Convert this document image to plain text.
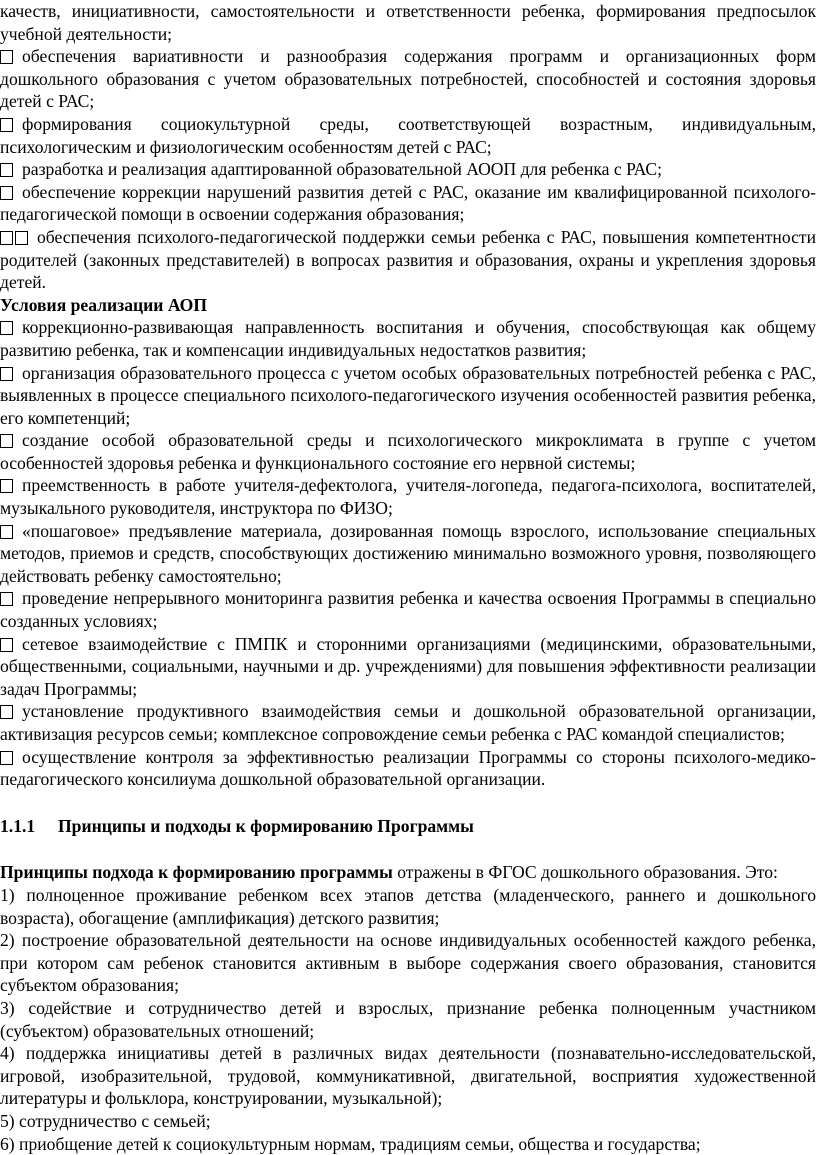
качеств, инициативности, самостоятельности и ответственности ребенка, формирования предпосылок учебной деятельности;

обеспечения вариативности и разнообразия содержания программ и организационных форм дошкольного образования с учетом образовательных потребностей, способностей и состояния здоровья детей с РАС;

формирования социокультурной среды, соответствующей возрастным, индивидуальным, психологическим и физиологическим особенностям детей с РАС;

разработка и реализация адаптированной образовательной АООП для ребенка с РАС;

обеспечение коррекции нарушений развития детей с РАС, оказание им квалифицированной психолого-педагогической помощи в освоении содержания образования;

обеспечения психолого-педагогической поддержки семьи ребенка с РАС, повышения компетентности родителей (законных представителей) в вопросах развития и образования, охраны и укрепления здоровья детей.

Условия реализации АОП

коррекционно-развивающая направленность воспитания и обучения, способствующая как общему развитию ребенка, так и компенсации индивидуальных недостатков развития;

организация образовательного процесса с учетом особых образовательных потребностей ребенка с РАС, выявленных в процессе специального психолого-педагогического изучения особенностей развития ребенка, его компетенций;

создание особой образовательной среды и психологического микроклимата в группе с учетом особенностей здоровья ребенка и функционального состояние его нервной системы;

преемственность в работе учителя-дефектолога, учителя-логопеда, педагога-психолога, воспитателей, музыкального руководителя, инструктора по ФИЗО;

«пошаговое» предъявление материала, дозированная помощь взрослого, использование специальных методов, приемов и средств, способствующих достижению минимально возможного уровня, позволяющего действовать ребенку самостоятельно;

проведение непрерывного мониторинга развития ребенка и качества освоения Программы в специально созданных условиях;

сетевое взаимодействие с ПМПК и сторонними организациями (медицинскими, образовательными, общественными, социальными, научными и др. учреждениями) для повышения эффективности реализации задач Программы;

установление продуктивного взаимодействия семьи и дошкольной образовательной организации, активизация ресурсов семьи; комплексное сопровождение семьи ребенка с РАС командой специалистов;

осуществление контроля за эффективностью реализации Программы со стороны психолого-медико-педагогического консилиума дошкольной образовательной организации.

1.1.1 Принципы и подходы к формированию Программы

Принципы подхода к формированию программы отражены в ФГОС дошкольного образования. Это:

1) полноценное проживание ребенком всех этапов детства (младенческого, раннего и дошкольного возраста), обогащение (амплификация) детского развития;

2) построение образовательной деятельности на основе индивидуальных особенностей каждого ребенка, при котором сам ребенок становится активным в выборе содержания своего образования, становится субъектом образования;

3) содействие и сотрудничество детей и взрослых, признание ребенка полноценным участником (субъектом) образовательных отношений;

4) поддержка инициативы детей в различных видах деятельности (познавательно-исследовательской, игровой, изобразительной, трудовой, коммуникативной, двигательной, восприятия художественной литературы и фольклора, конструировании, музыкальной);

5) сотрудничество с семьей;

6) приобщение детей к социокультурным нормам, традициям семьи, общества и государства;
